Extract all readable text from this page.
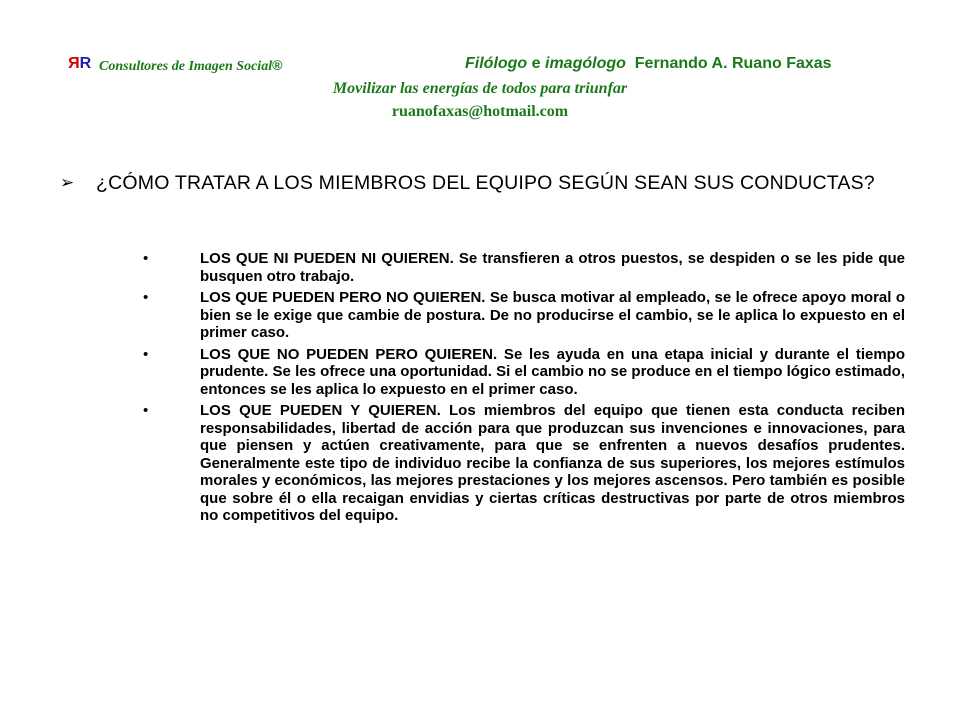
RR Consultores de Imagen Social®	Filólogo e imagólogo  Fernando A. Ruano Faxas
Movilizar las energías de todos para triunfar
ruanofaxas@hotmail.com
➢ ¿CÓMO TRATAR A LOS MIEMBROS DEL EQUIPO SEGÚN SEAN SUS CONDUCTAS?
•	LOS QUE NI PUEDEN NI QUIEREN. Se transfieren a otros puestos, se despiden o se les pide que busquen otro trabajo.
•	LOS QUE PUEDEN PERO NO QUIEREN. Se busca motivar al empleado, se le ofrece apoyo moral o bien se le exige que cambie de postura. De no producirse el cambio, se le aplica lo expuesto en el primer caso.
•	LOS QUE NO PUEDEN PERO QUIEREN. Se les ayuda en una etapa inicial y durante el tiempo prudente. Se les ofrece una oportunidad. Si el cambio no se produce en el tiempo lógico estimado, entonces se les aplica lo expuesto en el primer caso.
•	LOS QUE PUEDEN Y QUIEREN. Los miembros del equipo que tienen esta conducta reciben responsabilidades, libertad de acción para que produzcan sus invenciones e innovaciones, para que piensen y actúen creativamente, para que se enfrenten a nuevos desafíos prudentes. Generalmente este tipo de individuo recibe la confianza de sus superiores, los mejores estímulos morales y económicos, las mejores prestaciones y los mejores ascensos. Pero también es posible que sobre él o ella recaigan envidias y ciertas críticas destructivas por parte de otros miembros no competitivos del equipo.
